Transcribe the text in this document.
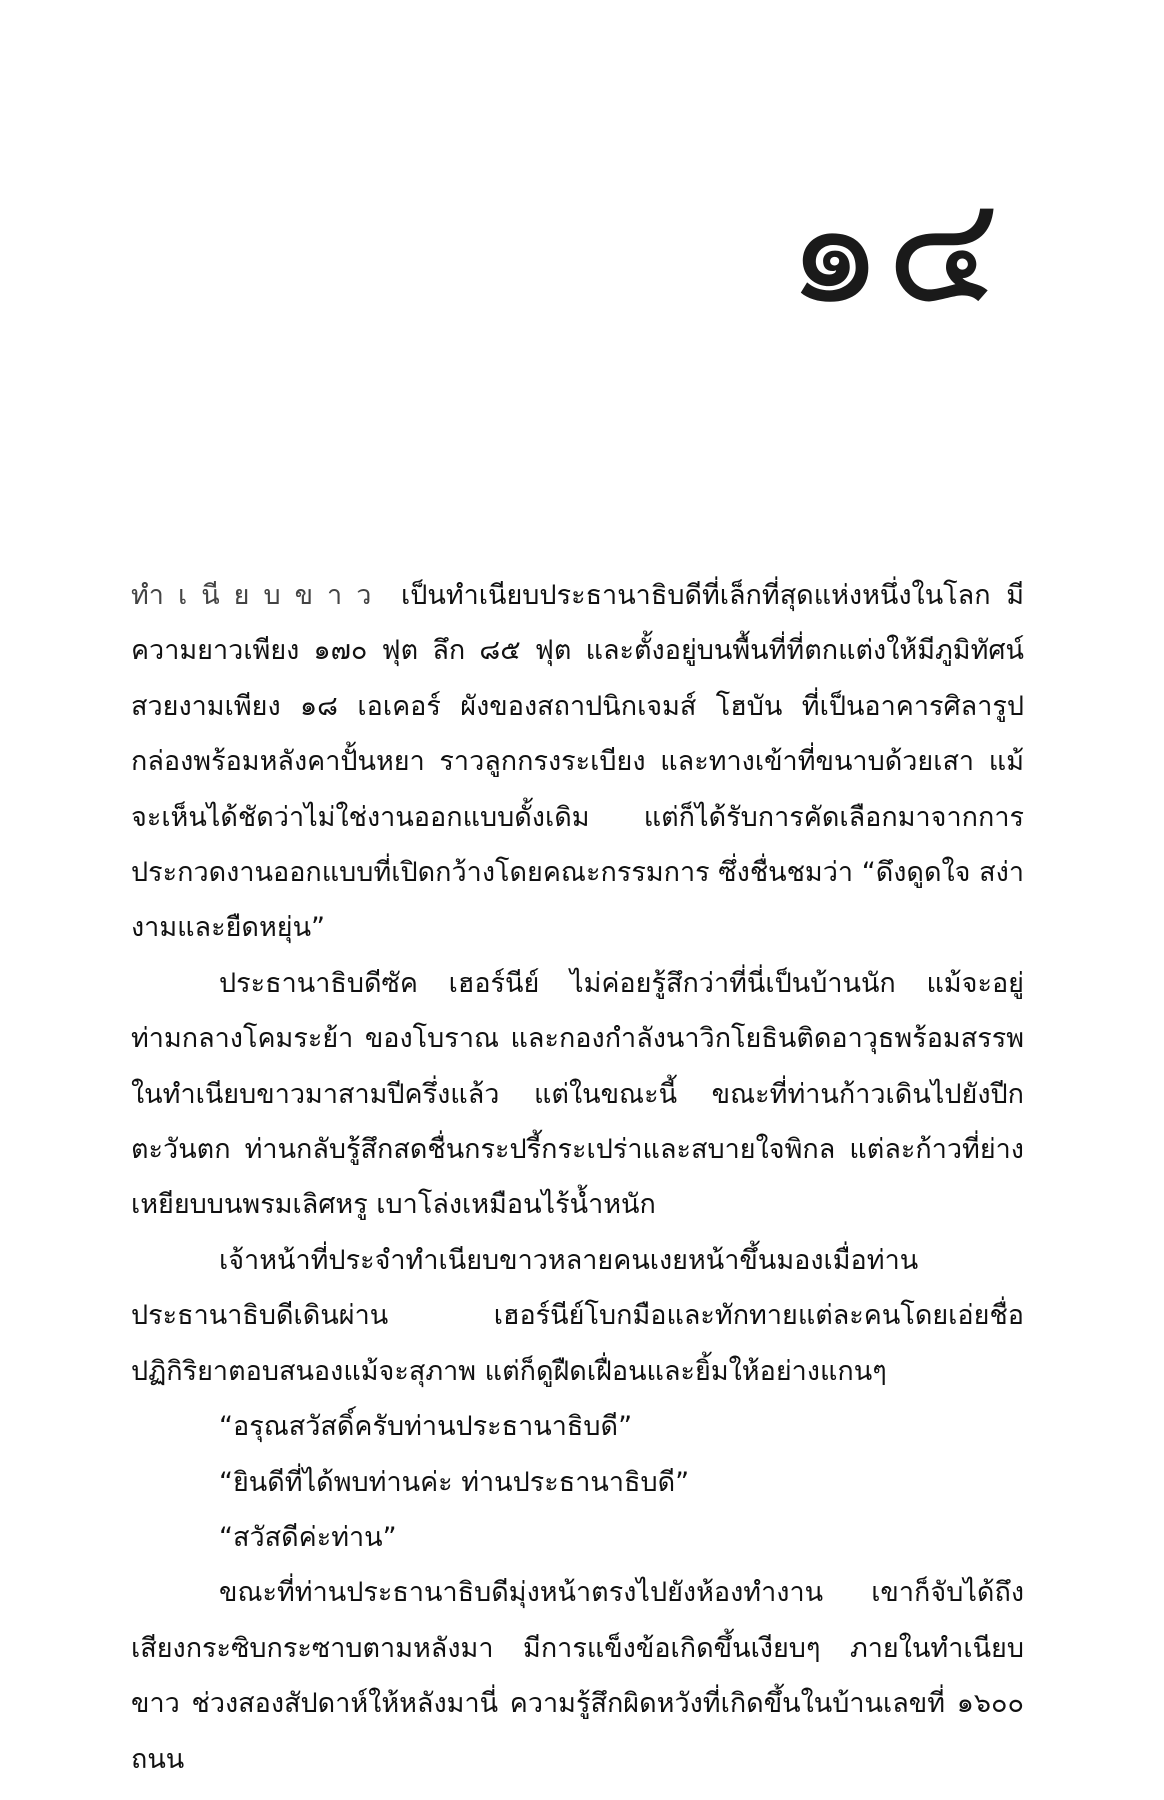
๑๔

ทำเนียบขาว เป็นทำเนียบประธานาธิบดีที่เล็กที่สุดแห่งหนึ่งในโลก มีความยาวเพียง ๑๗๐ ฟุต ลึก ๘๕ ฟุต และตั้งอยู่บนพื้นที่ที่ตกแต่งให้มีภูมิทัศน์สวยงามเพียง ๑๘ เอเคอร์ ผังของสถาปนิกเจมส์ โฮบัน ที่เป็นอาคารศิลารูปกล่องพร้อมหลังคาปั้นหยา ราวลูกกรงระเบียง และทางเข้าที่ขนาบด้วยเสา แม้จะเห็นได้ชัดว่าไม่ใช่งานออกแบบดั้งเดิม แต่ก็ได้รับการคัดเลือกมาจากการประกวดงานออกแบบที่เปิดกว้างโดยคณะกรรมการ ซึ่งชื่นชมว่า “ดึงดูดใจ สง่างามและยืดหยุ่น”

ประธานาธิบดีซัค เฮอร์นีย์ ไม่ค่อยรู้สึกว่าที่นี่เป็นบ้านนัก แม้จะอยู่ท่ามกลางโคมระย้า ของโบราณ และกองกำลังนาวิกโยธินติดอาวุธพร้อมสรรพในทำเนียบขาวมาสามปีครึ่งแล้ว แต่ในขณะนี้ ขณะที่ท่านก้าวเดินไปยังปีกตะวันตก ท่านกลับรู้สึกสดชื่นกระปรี้กระเปร่าและสบายใจพิกล แต่ละก้าวที่ย่างเหยียบบนพรมเลิศหรู เบาโล่งเหมือนไร้น้ำหนัก

เจ้าหน้าที่ประจำทำเนียบขาวหลายคนเงยหน้าขึ้นมองเมื่อท่านประธานาธิบดีเดินผ่าน เฮอร์นีย์โบกมือและทักทายแต่ละคนโดยเอ่ยชื่อ ปฏิกิริยาตอบสนองแม้จะสุภาพ แต่ก็ดูฝืดเฝื่อนและยิ้มให้อย่างแกนๆ

“อรุณสวัสดิ์ครับท่านประธานาธิบดี”

“ยินดีที่ได้พบท่านค่ะ ท่านประธานาธิบดี”

“สวัสดีค่ะท่าน”

ขณะที่ท่านประธานาธิบดีมุ่งหน้าตรงไปยังห้องทำงาน เขาก็จับได้ถึงเสียงกระซิบกระซาบตามหลังมา มีการแข็งข้อเกิดขึ้นเงียบๆ ภายในทำเนียบขาว ช่วงสองสัปดาห์ให้หลังมานี่ ความรู้สึกผิดหวังที่เกิดขึ้นในบ้านเลขที่ ๑๖๐๐ ถนน
